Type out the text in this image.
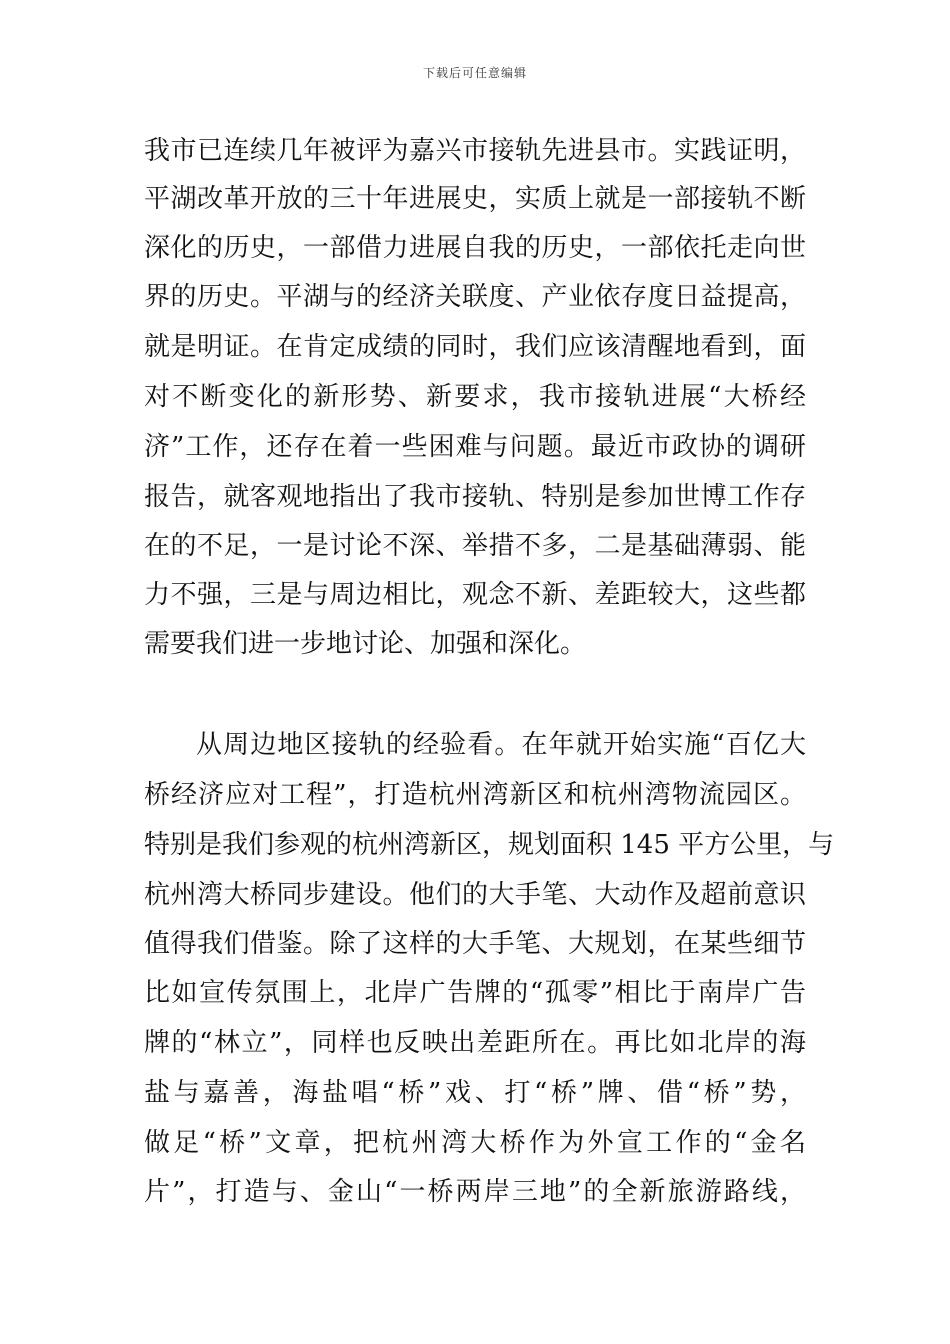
下载后可任意编辑
我市已连续几年被评为嘉兴市接轨先进县市。实践证明，
平湖改革开放的三十年进展史，实质上就是一部接轨不断
深化的历史，一部借力进展自我的历史，一部依托走向世
界的历史。平湖与的经济关联度、产业依存度日益提高，
就是明证。在肯定成绩的同时，我们应该清醒地看到，面
对不断变化的新形势、新要求，我市接轨进展“大桥经
济”工作，还存在着一些困难与问题。最近市政协的调研
报告，就客观地指出了我市接轨、特别是参加世博工作存
在的不足，一是讨论不深、举措不多，二是基础薄弱、能
力不强，三是与周边相比，观念不新、差距较大，这些都
需要我们进一步地讨论、加强和深化。
从周边地区接轨的经验看。在年就开始实施“百亿大
桥经济应对工程”，打造杭州湾新区和杭州湾物流园区。
特别是我们参观的杭州湾新区，规划面积 145 平方公里，与
杭州湾大桥同步建设。他们的大手笔、大动作及超前意识
值得我们借鉴。除了这样的大手笔、大规划，在某些细节
比如宣传氛围上，北岸广告牌的“孤零”相比于南岸广告
牌的“林立”，同样也反映出差距所在。再比如北岸的海
盐与嘉善，海盐唱“桥”戏、打“桥”牌、借“桥”势，
做足“桥”文章，把杭州湾大桥作为外宣工作的“金名
片”，打造与、金山“一桥两岸三地”的全新旅游路线，
